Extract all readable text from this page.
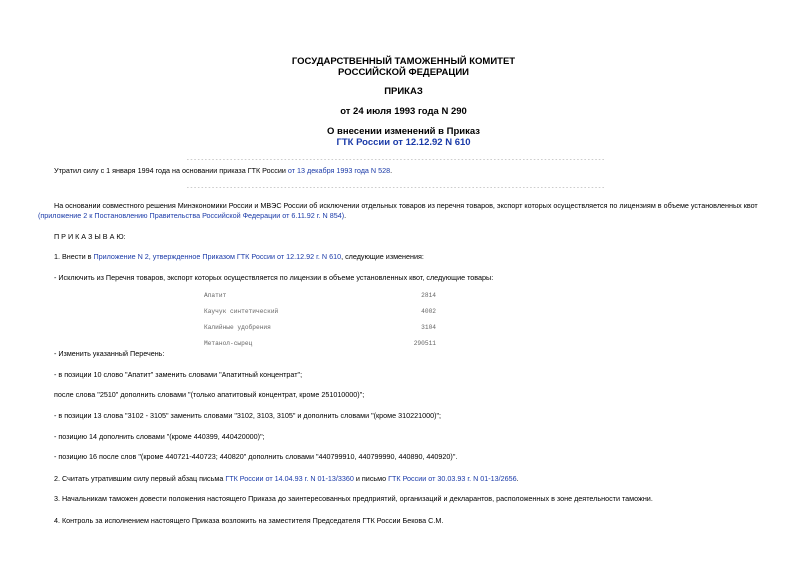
ГОСУДАРСТВЕННЫЙ ТАМОЖЕННЫЙ КОМИТЕТ
РОССИЙСКОЙ ФЕДЕРАЦИИ
ПРИКАЗ
от 24 июля 1993 года N 290
О внесении изменений в Приказ
ГТК России от 12.12.92 N 610
--------------------------------------------------------------------------------------------------------------------
Утратил силу с 1 января 1994 года на основании приказа ГТК России от 13 декабря 1993 года N 528.
--------------------------------------------------------------------------------------------------------------------
На основании совместного решения Минэкономики России и МВЭС России об исключении отдельных товаров из перечня товаров, экспорт которых осуществляется по лицензиям в объеме установленных квот
(приложение 2 к Постановлению Правительства Российской Федерации от 6.11.92 г. N 854).
П Р И К А З Ы В А Ю:
1. Внести в Приложение N 2, утвержденное Приказом ГТК России от 12.12.92 г. N 610, следующие изменения:
- Исключить из Перечня товаров, экспорт которых осуществляется по лицензии в объеме установленных квот, следующие товары:
Апатит	2814
Каучук синтетический	4002
Калийные удобрения	3104
Метанол-сырец	290511
- Изменить указанный Перечень:
- в позиции 10 слово "Апатит" заменить словами "Апатитный концентрат";
после слова "2510" дополнить словами "(только апатитовый концентрат, кроме 251010000)";
- в позиции 13 слова "3102 - 3105" заменить словами "3102, 3103, 3105" и дополнить словами "(кроме 310221000)";
- позицию 14 дополнить словами "(кроме 440399, 440420000)";
- позицию 16 после слов "(кроме 440721-440723; 440820" дополнить словами "440799910, 440799990, 440890, 440920)".
2. Считать утратившим силу первый абзац письма ГТК России от 14.04.93 г. N 01-13/3360 и письмо ГТК России от 30.03.93 г. N 01-13/2656.
3. Начальникам таможен довести положения настоящего Приказа до заинтересованных предприятий, организаций и декларантов, расположенных в зоне деятельности таможни.
4. Контроль за исполнением настоящего Приказа возложить на заместителя Председателя ГТК России Бекова С.М.
